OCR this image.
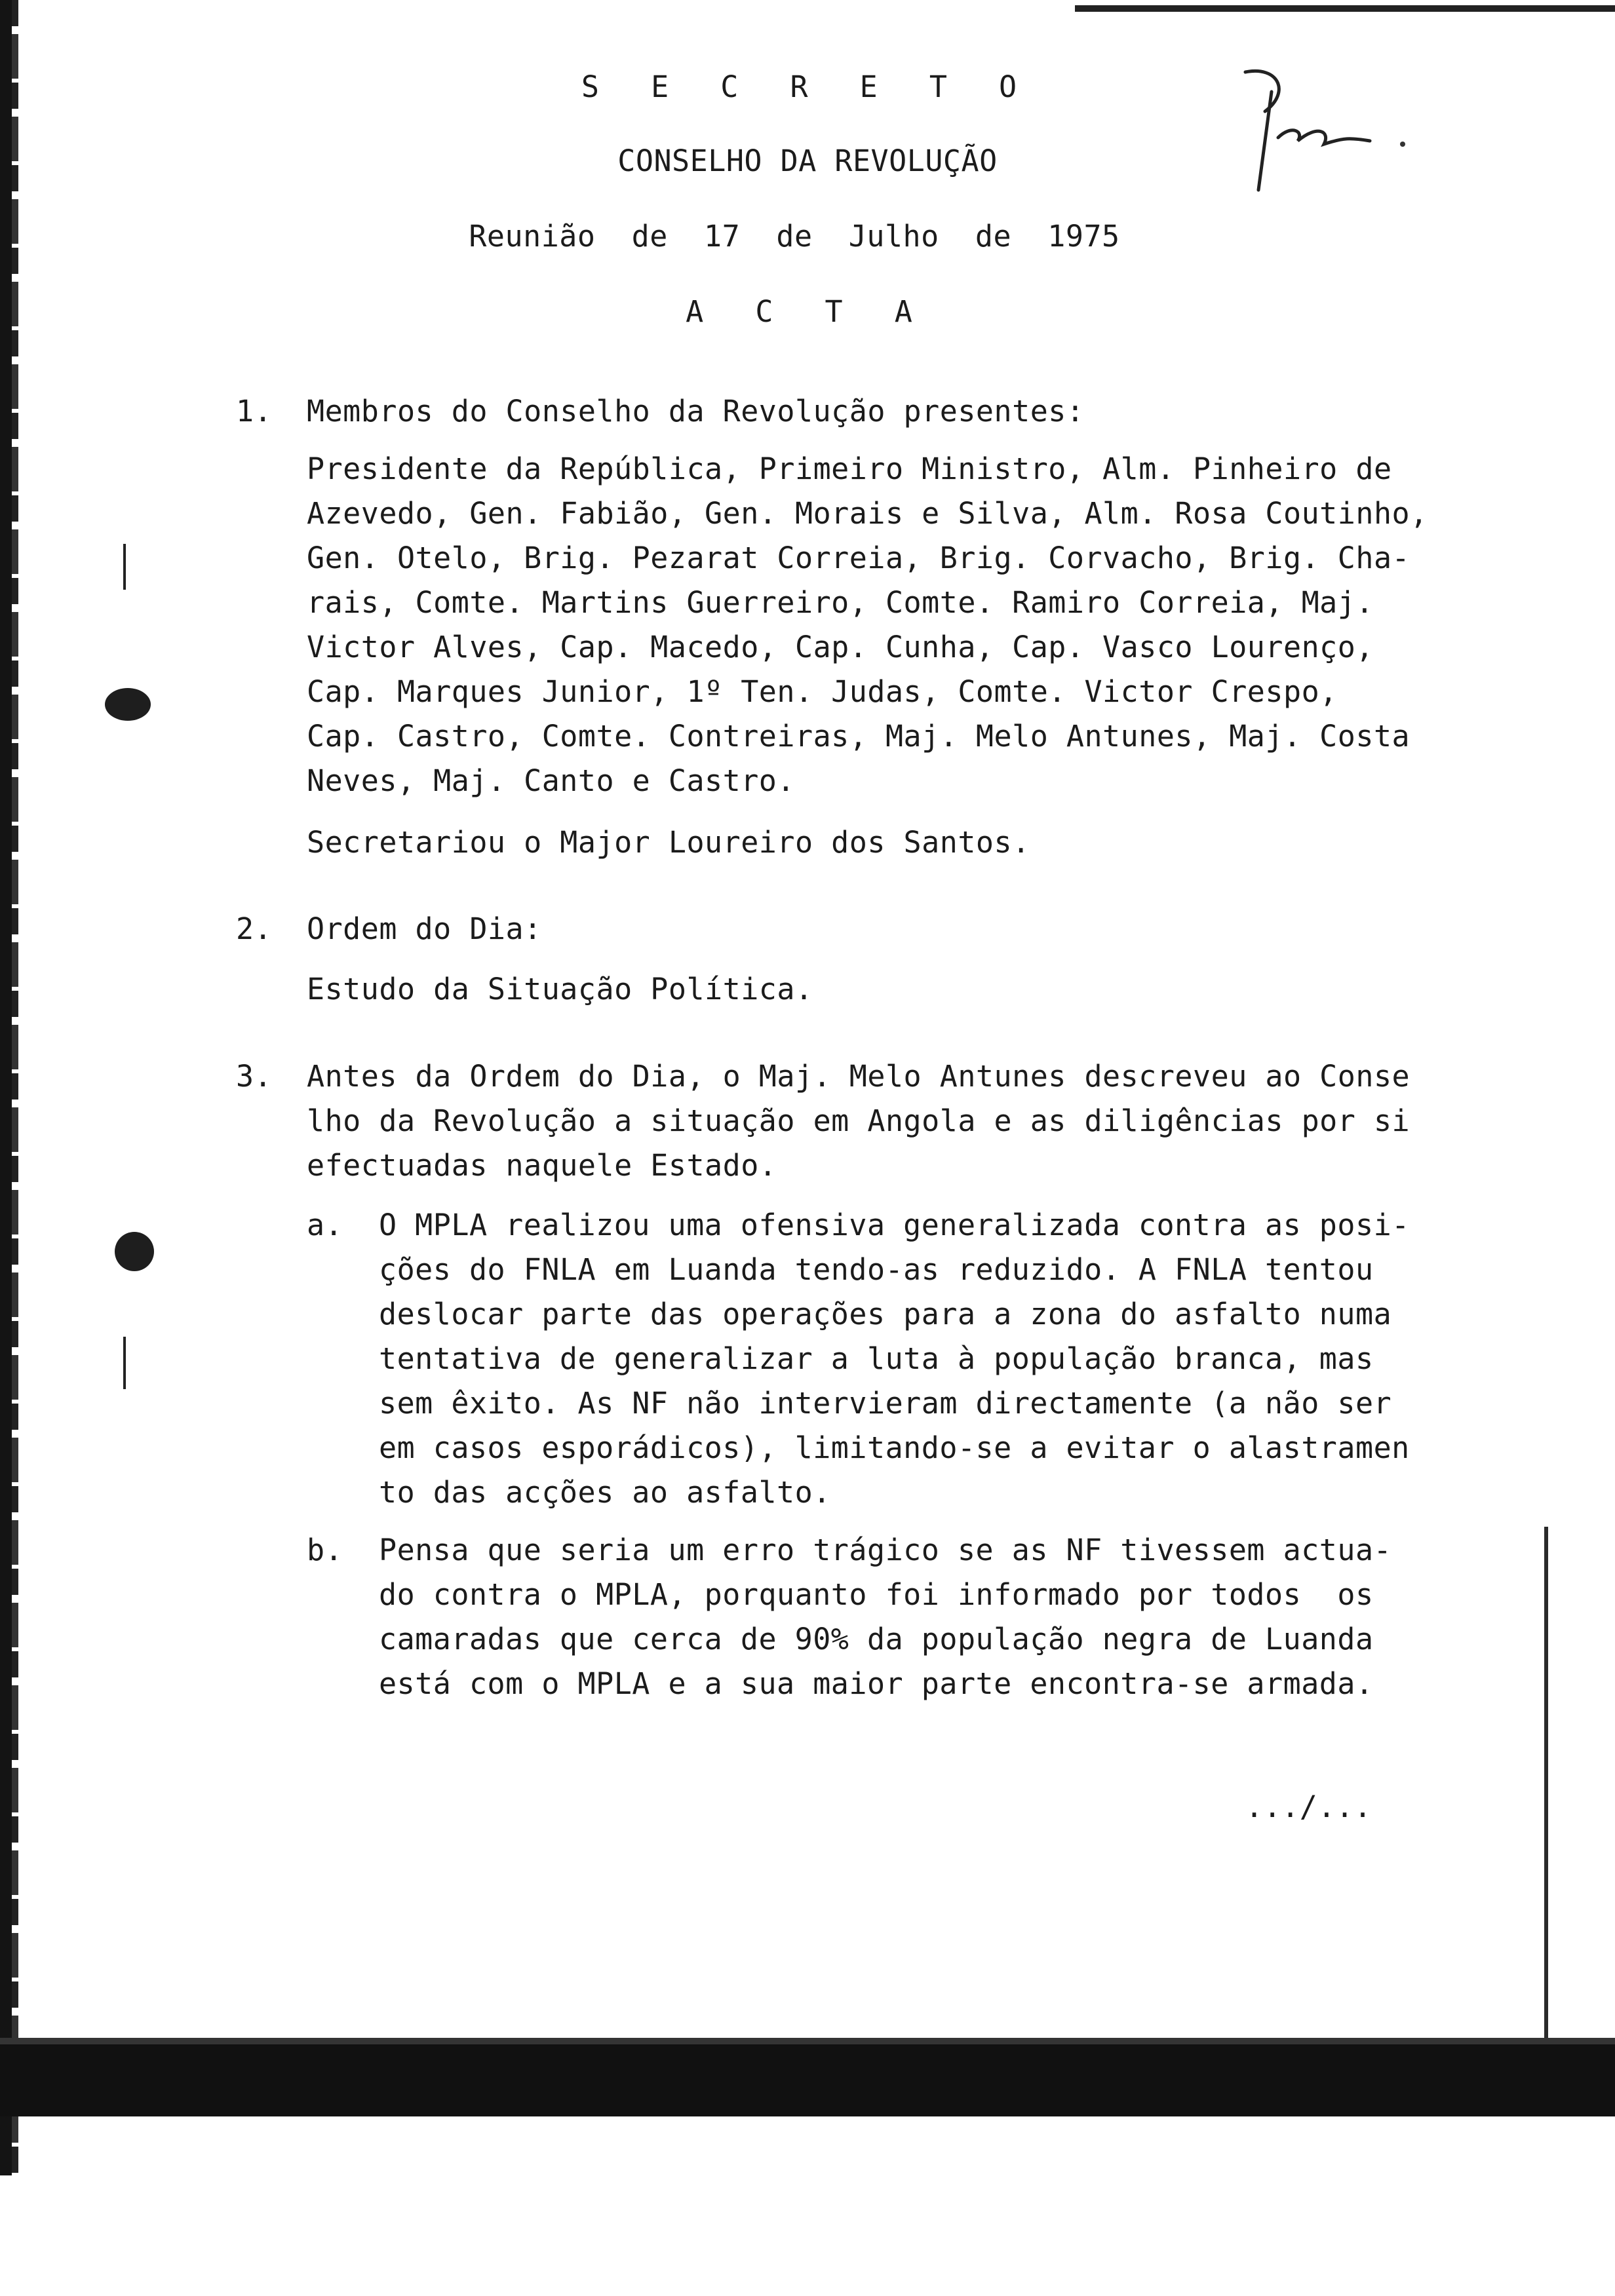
S E C R E T O
CONSELHO DA REVOLUÇÃO
Reunião  de  17  de  Julho  de  1975
A C T A
1. Membros do Conselho da Revolução presentes:
Presidente da República, Primeiro Ministro, Alm. Pinheiro de
Azevedo, Gen. Fabião, Gen. Morais e Silva, Alm. Rosa Coutinho,
Gen. Otelo, Brig. Pezarat Correia, Brig. Corvacho, Brig. Cha-
rais, Comte. Martins Guerreiro, Comte. Ramiro Correia, Maj.
Victor Alves, Cap. Macedo, Cap. Cunha, Cap. Vasco Lourenço,
Cap. Marques Junior, 1º Ten. Judas, Comte. Victor Crespo,
Cap. Castro, Comte. Contreiras, Maj. Melo Antunes, Maj. Costa
Neves, Maj. Canto e Castro.
Secretariou o Major Loureiro dos Santos.
2. Ordem do Dia:
Estudo da Situação Política.
3. Antes da Ordem do Dia, o Maj. Melo Antunes descreveu ao Conse
lho da Revolução a situação em Angola e as diligências por si
efectuadas naquele Estado.
a. O MPLA realizou uma ofensiva generalizada contra as posi-
ções do FNLA em Luanda tendo-as reduzido. A FNLA tentou
deslocar parte das operações para a zona do asfalto numa
tentativa de generalizar a luta à população branca, mas
sem êxito. As NF não intervieram directamente (a não ser
em casos esporádicos), limitando-se a evitar o alastramen
to das acções ao asfalto.
b. Pensa que seria um erro trágico se as NF tivessem actua-
do contra o MPLA, porquanto foi informado por todos  os
camaradas que cerca de 90% da população negra de Luanda
está com o MPLA e a sua maior parte encontra-se armada.
.../...
